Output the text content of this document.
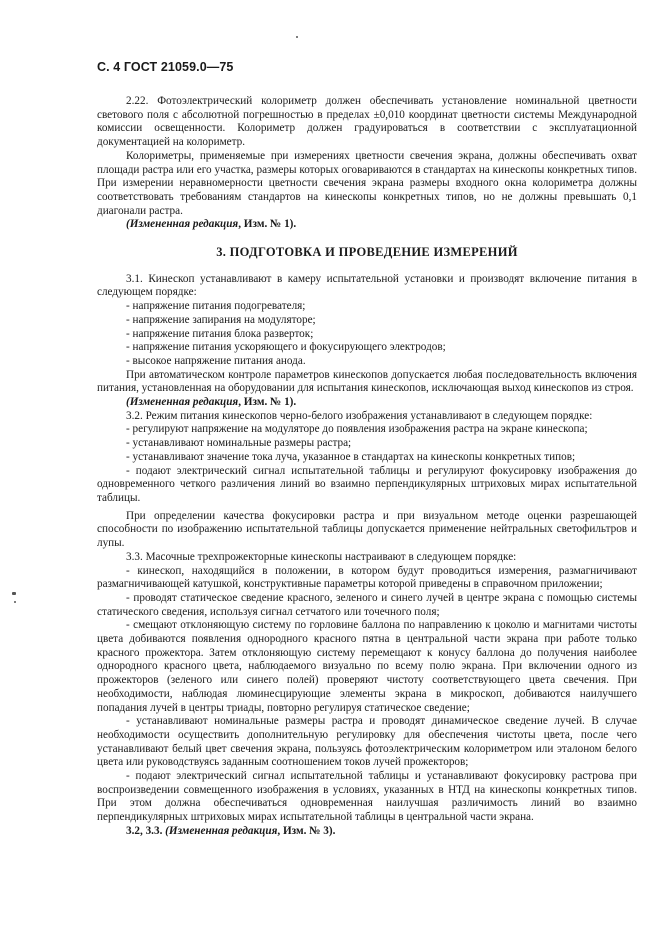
С. 4 ГОСТ 21059.0—75

2.22. Фотоэлектрический колориметр должен обеспечивать установление номинальной цветности светового поля с абсолютной погрешностью в пределах ±0,010 координат цветности системы Международной комиссии освещенности. Колориметр должен градуироваться в соответствии с эксплуатационной документацией на колориметр.

Колориметры, применяемые при измерениях цветности свечения экрана, должны обеспечивать охват площади растра или его участка, размеры которых оговариваются в стандартах на кинескопы конкретных типов. При измерении неравномерности цветности свечения экрана размеры входного окна колориметра должны соответствовать требованиям стандартов на кинескопы конкретных типов, но не должны превышать 0,1 диагонали растра.

(Измененная редакция, Изм. № 1).

3. ПОДГОТОВКА И ПРОВЕДЕНИЕ ИЗМЕРЕНИЙ

3.1. Кинескоп устанавливают в камеру испытательной установки и производят включение питания в следующем порядке:

- напряжение питания подогревателя;

- напряжение запирания на модуляторе;

- напряжение питания блока разверток;

- напряжение питания ускоряющего и фокусирующего электродов;

- высокое напряжение питания анода.

При автоматическом контроле параметров кинескопов допускается любая последовательность включения питания, установленная на оборудовании для испытания кинескопов, исключающая выход кинескопов из строя.

(Измененная редакция, Изм. № 1).

3.2. Режим питания кинескопов черно-белого изображения устанавливают в следующем порядке:

- регулируют напряжение на модуляторе до появления изображения растра на экране кинескопа;

- устанавливают номинальные размеры растра;

- устанавливают значение тока луча, указанное в стандартах на кинескопы конкретных типов;

- подают электрический сигнал испытательной таблицы и регулируют фокусировку изображения до одновременного четкого различения линий во взаимно перпендикулярных штриховых мирах испытательной таблицы.

При определении качества фокусировки растра и при визуальном методе оценки разрешающей способности по изображению испытательной таблицы допускается применение нейтральных светофильтров и лупы.

3.3. Масочные трехпрожекторные кинескопы настраивают в следующем порядке:

- кинескоп, находящийся в положении, в котором будут проводиться измерения, размагничивают размагничивающей катушкой, конструктивные параметры которой приведены в справочном приложении;

- проводят статическое сведение красного, зеленого и синего лучей в центре экрана с помощью системы статического сведения, используя сигнал сетчатого или точечного поля;

- смещают отклоняющую систему по горловине баллона по направлению к цоколю и магнитами чистоты цвета добиваются появления однородного красного пятна в центральной части экрана при работе только красного прожектора. Затем отклоняющую систему перемещают к конусу баллона до получения наиболее однородного красного цвета, наблюдаемого визуально по всему полю экрана. При включении одного из прожекторов (зеленого или синего полей) проверяют чистоту соответствующего цвета свечения. При необходимости, наблюдая люминесцирующие элементы экрана в микроскоп, добиваются наилучшего попадания лучей в центры триады, повторно регулируя статическое сведение;

- устанавливают номинальные размеры растра и проводят динамическое сведение лучей. В случае необходимости осуществить дополнительную регулировку для обеспечения чистоты цвета, после чего устанавливают белый цвет свечения экрана, пользуясь фотоэлектрическим колориметром или эталоном белого цвета или руководствуясь заданным соотношением токов лучей прожекторов;

- подают электрический сигнал испытательной таблицы и устанавливают фокусировку растрова при воспроизведении совмещенного изображения в условиях, указанных в НТД на кинескопы конкретных типов. При этом должна обеспечиваться одновременная наилучшая различимость линий во взаимно перпендикулярных штриховых мирах испытательной таблицы в центральной части экрана.

3.2, 3.3. (Измененная редакция, Изм. № 3).
